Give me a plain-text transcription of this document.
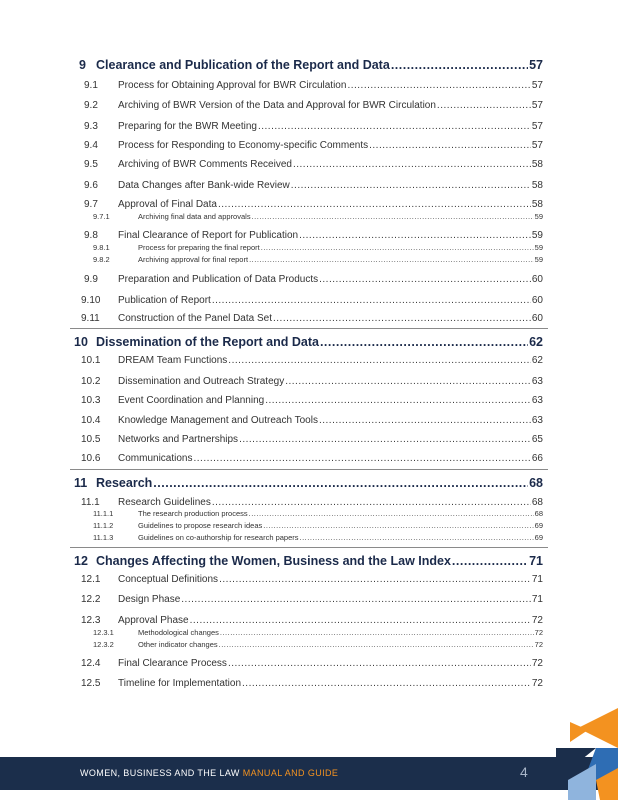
9 Clearance and Publication of the Report and Data .....	57
9.1 Process for Obtaining Approval for BWR Circulation .....	57
9.2 Archiving of BWR Version of the Data and Approval for BWR Circulation .....	57
9.3 Preparing for the BWR Meeting .....	57
9.4 Process for Responding to Economy-specific Comments .....	57
9.5 Archiving of BWR Comments Received .....	58
9.6 Data Changes after Bank-wide Review .....	58
9.7 Approval of Final Data .....	58
9.7.1	Archiving final data and approvals .....	59
9.8 Final Clearance of Report for Publication .....	59
9.8.1	Process for preparing the final report .....	59
9.8.2	Archiving approval for final report .....	59
9.9 Preparation and Publication of Data Products .....	60
9.10 Publication of Report .....	60
9.11 Construction of the Panel Data Set .....	60
10 Dissemination of the Report and Data .....	62
10.1 DREAM Team Functions .....	62
10.2 Dissemination and Outreach Strategy .....	63
10.3 Event Coordination and Planning .....	63
10.4 Knowledge Management and Outreach Tools .....	63
10.5 Networks and Partnerships .....	65
10.6 Communications .....	66
11 Research .....	68
11.1 Research Guidelines .....	68
11.1.1	The research production process .....	68
11.1.2	Guidelines to propose research ideas .....	69
11.1.3	Guidelines on co-authorship for research papers .....	69
12 Changes Affecting the Women, Business and the Law Index .....	71
12.1 Conceptual Definitions .....	71
12.2 Design Phase .....	71
12.3 Approval Phase .....	72
12.3.1	Methodological changes .....	72
12.3.2	Other indicator changes .....	72
12.4 Final Clearance Process .....	72
12.5 Timeline for Implementation .....	72
WOMEN, BUSINESS AND THE LAW MANUAL AND GUIDE	4
